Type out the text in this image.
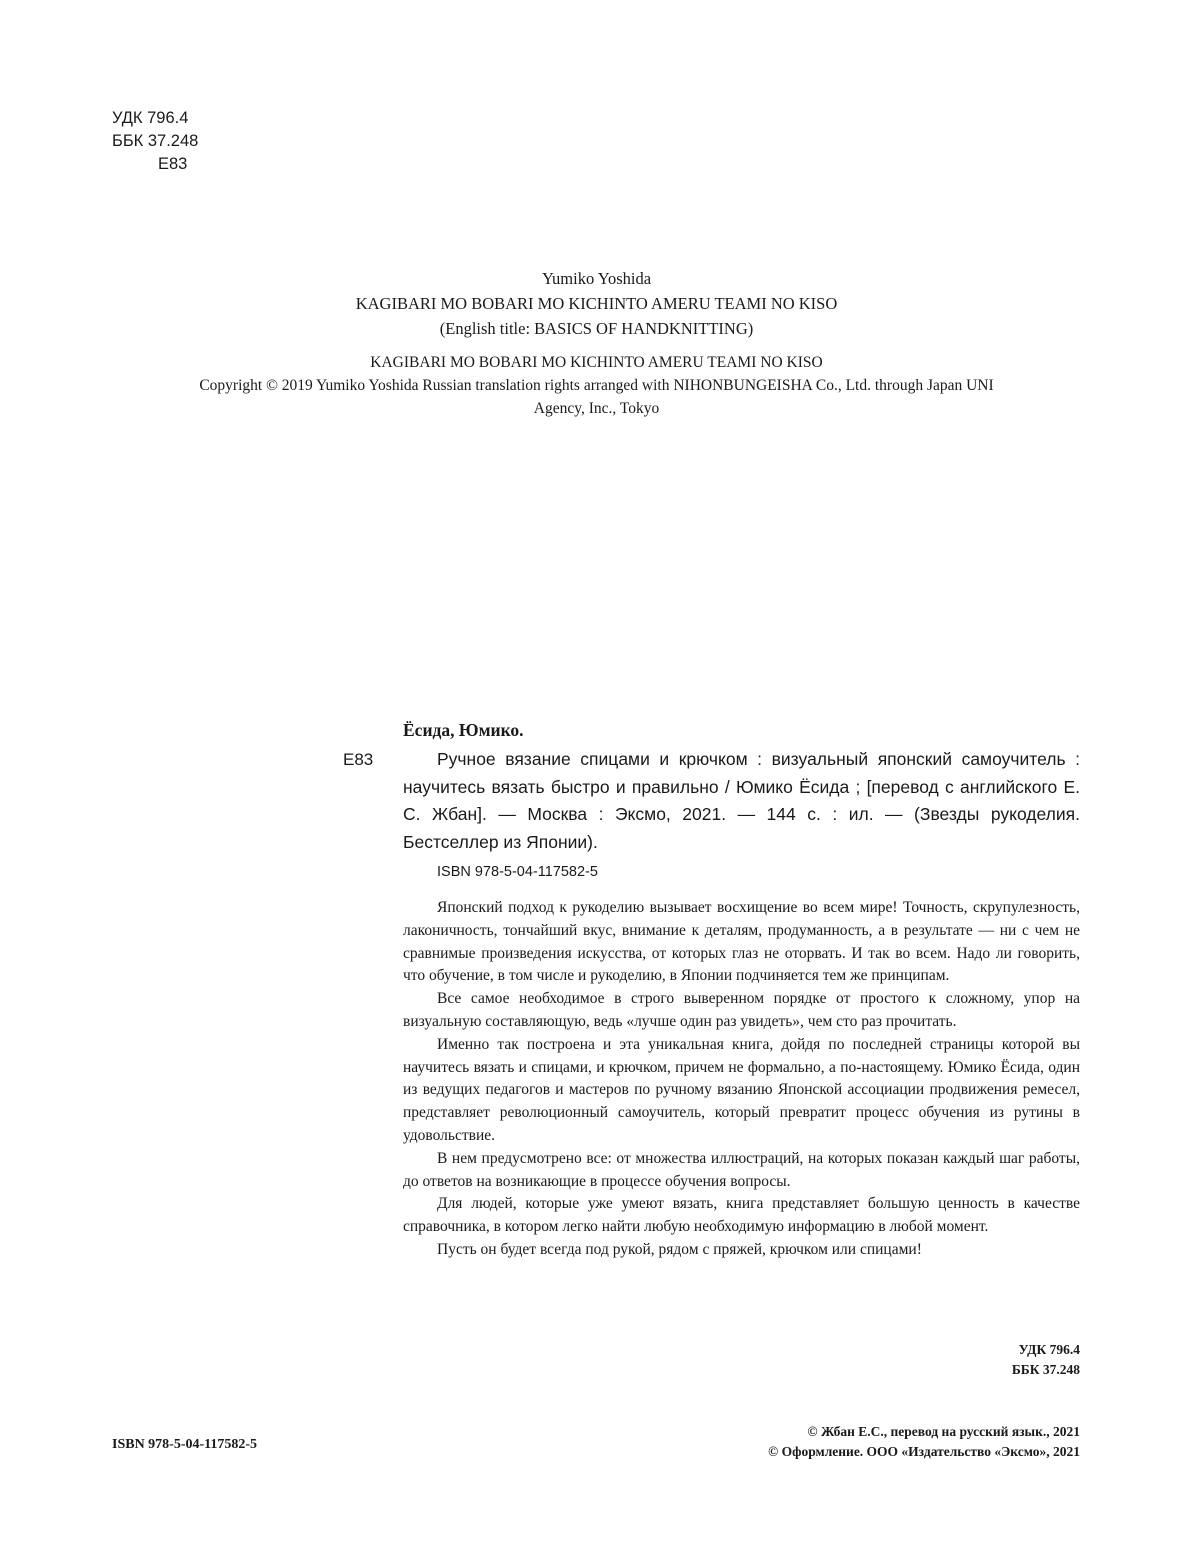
УДК 796.4
ББК 37.248
Е83
Yumiko Yoshida
KAGIBARI MO BOBARI MO KICHINTO AMERU TEAMI NO KISO
(English title: BASICS OF HANDKNITTING)
KAGIBARI MO BOBARI MO KICHINTO AMERU TEAMI NO KISO
Copyright © 2019 Yumiko Yoshida Russian translation rights arranged with NIHONBUNGEISHA Co., Ltd. through Japan UNI Agency, Inc., Tokyo
Ёсида, Юмико.
Е83	Ручное вязание спицами и крючком : визуальный японский самоучитель : научитесь вязать быстро и правильно / Юмико Ёсида ; [перевод с английского Е. С. Жбан]. — Москва : Эксмо, 2021. — 144 с. : ил. — (Звезды рукоделия. Бестселлер из Японии).

ISBN 978-5-04-117582-5

Японский подход к рукоделию вызывает восхищение во всем мире! Точность, скрупулезность, лаконичность, тончайший вкус, внимание к деталям, продуманность, а в результате — ни с чем не сравнимые произведения искусства, от которых глаз не оторвать. И так во всем. Надо ли говорить, что обучение, в том числе и рукоделию, в Японии подчиняется тем же принципам.

Все самое необходимое в строго выверенном порядке от простого к сложному, упор на визуальную составляющую, ведь «лучше один раз увидеть», чем сто раз прочитать.

Именно так построена и эта уникальная книга, дойдя по последней страницы которой вы научитесь вязать и спицами, и крючком, причем не формально, а по-настоящему. Юмико Ёсида, один из ведущих педагогов и мастеров по ручному вязанию Японской ассоциации продвижения ремесел, представляет революционный самоучитель, который превратит процесс обучения из рутины в удовольствие.

В нем предусмотрено все: от множества иллюстраций, на которых показан каждый шаг работы, до ответов на возникающие в процессе обучения вопросы.

Для людей, которые уже умеют вязать, книга представляет большую ценность в качестве справочника, в котором легко найти любую необходимую информацию в любой момент.

Пусть он будет всегда под рукой, рядом с пряжей, крючком или спицами!

УДК 796.4
ББК 37.248
ISBN 978-5-04-117582-5
© Жбан Е.С., перевод на русский язык., 2021
© Оформление. ООО «Издательство «Эксмо», 2021
